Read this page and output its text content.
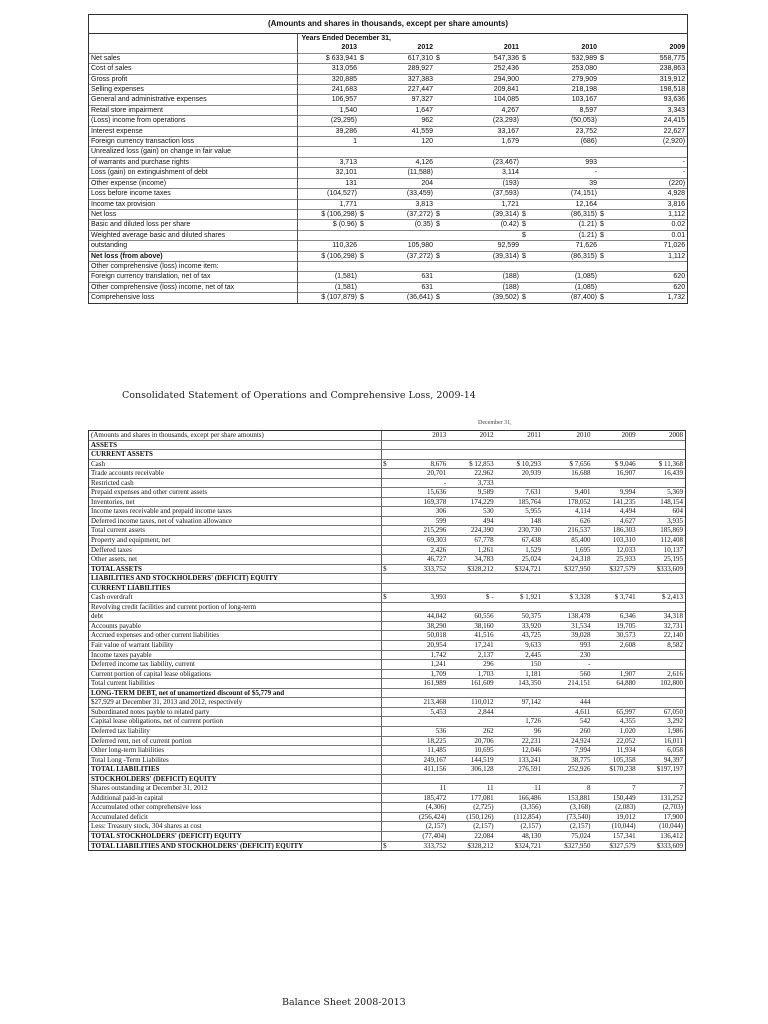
(Amounts and shares in thousands, except per share amounts)
	Years Ended December 31,								
	2013		2012		2011		2010		2009
Net sales	$ 633,941	$	617,310	$	547,336	$	532,989	$	558,775
Cost of sales	313,056		289,927		252,436		253,080		238,863
Gross profit	320,885		327,383		294,900		279,909		319,912
Selling expenses	241,683		227,447		209,841		218,198		198,518
General and administrative expenses	106,957		97,327		104,085		103,167		93,636
Retail store impairment	1,540		1,647		4,267		8,597		3,343
(Loss) income from operations	(29,295)		962		(23,293)		(50,053)		24,415
Interest expense	39,286		41,559		33,167		23,752		22,627
Foreign currency transaction loss	1		120		1,679		(686)		(2,920)
Unrealized loss (gain) on change in fair value									
of warrants and purchase rights	3,713		4,126		(23,467)		993		-
Loss (gain) on extinguishment of debt	32,101		(11,588)		3,114		-		-
Other expense (income)	131		204		(193)		39		(220)
Loss before income taxes	(104,527)		(33,459)		(37,593)		(74,151)		4,928
Income tax provision	1,771		3,813		1,721		12,164		3,816
Net loss	$ (106,298)	$	(37,272)	$	(39,314)	$	(86,315)	$	1,112
Basic and diluted loss per share	$ (0.96)	$	(0.35)	$	(0.42)	$	(1.21)	$	0.02
Weighted average basic and diluted shares						$	(1.21)	$	0.01
outstanding	110,326		105,980		92,599		71,626		71,026
Net loss (from above)	$ (106,298)	$	(37,272)	$	(39,314)	$	(86,315)	$	1,112
Other comprehensive (loss) income item:									
Foreign currency translation, net of tax	(1,581)		631		(188)		(1,085)		620
Other comprehensive (loss) income, net of tax	(1,581)		631		(188)		(1,085)		620
Comprehensive loss	$ (107,879)	$	(36,641)	$	(39,502)	$	(87,400)	$	1,732
Consolidated Statement of Operations and Comprehensive Loss, 2009-14
December 31,
(Amounts and shares in thousands, except per share amounts)		2013	2012	2011	2010	2009	2008
ASSETS							
CURRENT ASSETS							
Cash	$	8,676	$ 12,853	$ 10,293	$ 7,656	$ 9,046	$ 11,368
Trade accounts receivable		20,701	22,962	20,939	16,688	16,907	16,439
Restricted cash		-	3,733				
Prepaid expenses and other current assets		15,636	9,589	7,631	9,401	9,994	5,369
Inventories, net		169,378	174,229	185,764	178,052	141,235	148,154
Income taxes receivable and prepaid income taxes		306	530	5,955	4,114	4,494	604
Deferred income taxes, net of valuation allowance		599	494	148	626	4,627	3,935
Total current assets		215,296	224,390	230,730	216,537	186,303	185,869
Property and equipment, net		69,303	67,778	67,438	85,400	103,310	112,408
Deffered taxes		2,426	1,261	1,529	1,695	12,033	10,137
Other assets, net		46,727	34,783	25,024	24,318	25,933	25,195
TOTAL ASSETS	$	333,752	$328,212	$324,721	$327,950	$327,579	$333,609
LIABILITIES AND STOCKHOLDERS' (DEFICIT) EQUITY							
CURRENT LIABILITIES							
Cash overdraft	$	3,993	$ -	$ 1,921	$ 3,328	$ 3,741	$ 2,413
Revolving credit facilities and current portion of long-term							
debt		44,042	60,556	50,375	138,478	6,346	34,318
Accounts payable		38,290	38,160	33,920	31,534	19,705	32,731
Accrued expenses and other current liabilities		50,018	41,516	43,725	39,028	30,573	22,140
Fair value of warrant liability		20,954	17,241	9,633	993	2,608	8,582
Income taxes payable		1,742	2,137	2,445	230		
Deferred income tax liability, current		1,241	296	150	-		
Current portion of capital lease obligations		1,709	1,703	1,181	560	1,907	2,616
Total current liabilities		161,989	161,609	143,350	214,151	64,880	102,800
LONG-TERM DEBT, net of unamortized discount of $5,779 and							
$27,929 at December 31, 2013 and 2012, respectively		213,468	110,012	97,142	444		
Subordinated notes payble to related party		5,453	2,844		4,611	65,997	67,050
Capital lease obligations, net of current portion				1,726	542	4,355	3,292
Deferred tax liability		536	262	96	260	1,020	1,986
Deferred rent, net of current portion		18,225	20,706	22,231	24,924	22,052	16,011
Other long-term liabilities		11,485	10,695	12,046	7,994	11,934	6,058
Total Long -Term Liabilites		249,167	144,519	133,241	38,775	105,358	94,397
TOTAL LIABILITIES		411,156	306,128	276,591	252,926	$170,238	$197,197
STOCKHOLDERS' (DEFICIT) EQUITY							
Shares outstanding at December 31, 2012		11	11	11	8	7	7
Additional paid-in capital		185,472	177,081	166,486	153,881	150,449	131,252
Accumulated other comprehensive loss		(4,306)	(2,725)	(3,356)	(3,168)	(2,083)	(2,703)
Accumulated deficit		(256,424)	(150,126)	(112,854)	(73,540)	19,012	17,900
Less: Treasury stock, 304 shares at cost		(2,157)	(2,157)	(2,157)	(2,157)	(10,044)	(10,044)
TOTAL STOCKHOLDERS' (DEFICIT) EQUITY		(77,404)	22,084	48,130	75,024	157,341	136,412
TOTAL LIABILITIES AND STOCKHOLDERS' (DEFICIT) EQUITY	$	333,752	$328,212	$324,721	$327,950	$327,579	$333,609
Balance Sheet 2008-2013
